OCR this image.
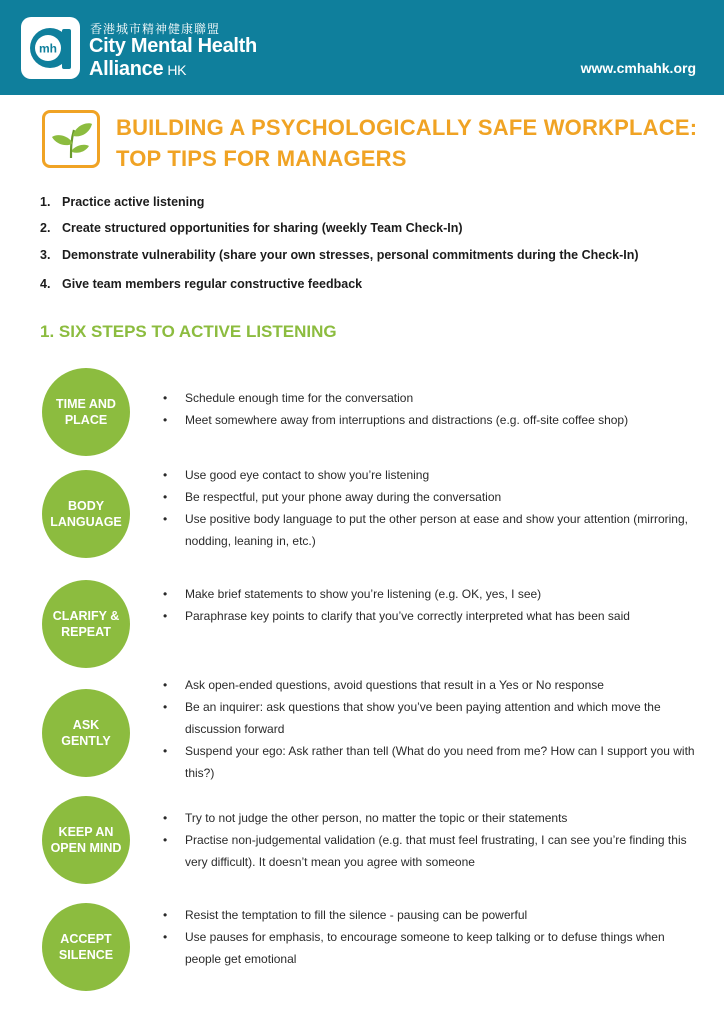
mh
香港城市精神健康聯盟
City Mental Health
Alliance HK	www.cmhahk.org
BUILDING A PSYCHOLOGICALLY SAFE WORKPLACE:
TOP TIPS FOR MANAGERS
1. Practice active listening
2. Create structured opportunities for sharing (weekly Team Check-In)
3. Demonstrate vulnerability (share your own stresses, personal commitments during the Check-In)
4. Give team members regular constructive feedback
1. SIX STEPS TO ACTIVE LISTENING
TIME AND
PLACE
•	Schedule enough time for the conversation
•	Meet somewhere away from interruptions and distractions (e.g. off-site coffee shop)
BODY
LANGUAGE
•	Use good eye contact to show you’re listening
•	Be respectful, put your phone away during the conversation
•	Use positive body language to put the other person at ease and show your attention (mirroring, nodding, leaning in, etc.)
CLARIFY &
REPEAT
•	Make brief statements to show you’re listening (e.g. OK, yes, I see)
•	Paraphrase key points to clarify that you’ve correctly interpreted what has been said
ASK
GENTLY
•	Ask open-ended questions, avoid questions that result in a Yes or No response
•	Be an inquirer: ask questions that show you’ve been paying attention and which move the discussion forward
•	Suspend your ego: Ask rather than tell (What do you need from me? How can I support you with this?)
KEEP AN
OPEN MIND
•	Try to not judge the other person, no matter the topic or their statements
•	Practise non-judgemental validation (e.g. that must feel frustrating, I can see you’re finding this very difficult). It doesn’t mean you agree with someone
ACCEPT
SILENCE
•	Resist the temptation to fill the silence - pausing can be powerful
•	Use pauses for emphasis, to encourage someone to keep talking or to defuse things when people get emotional
